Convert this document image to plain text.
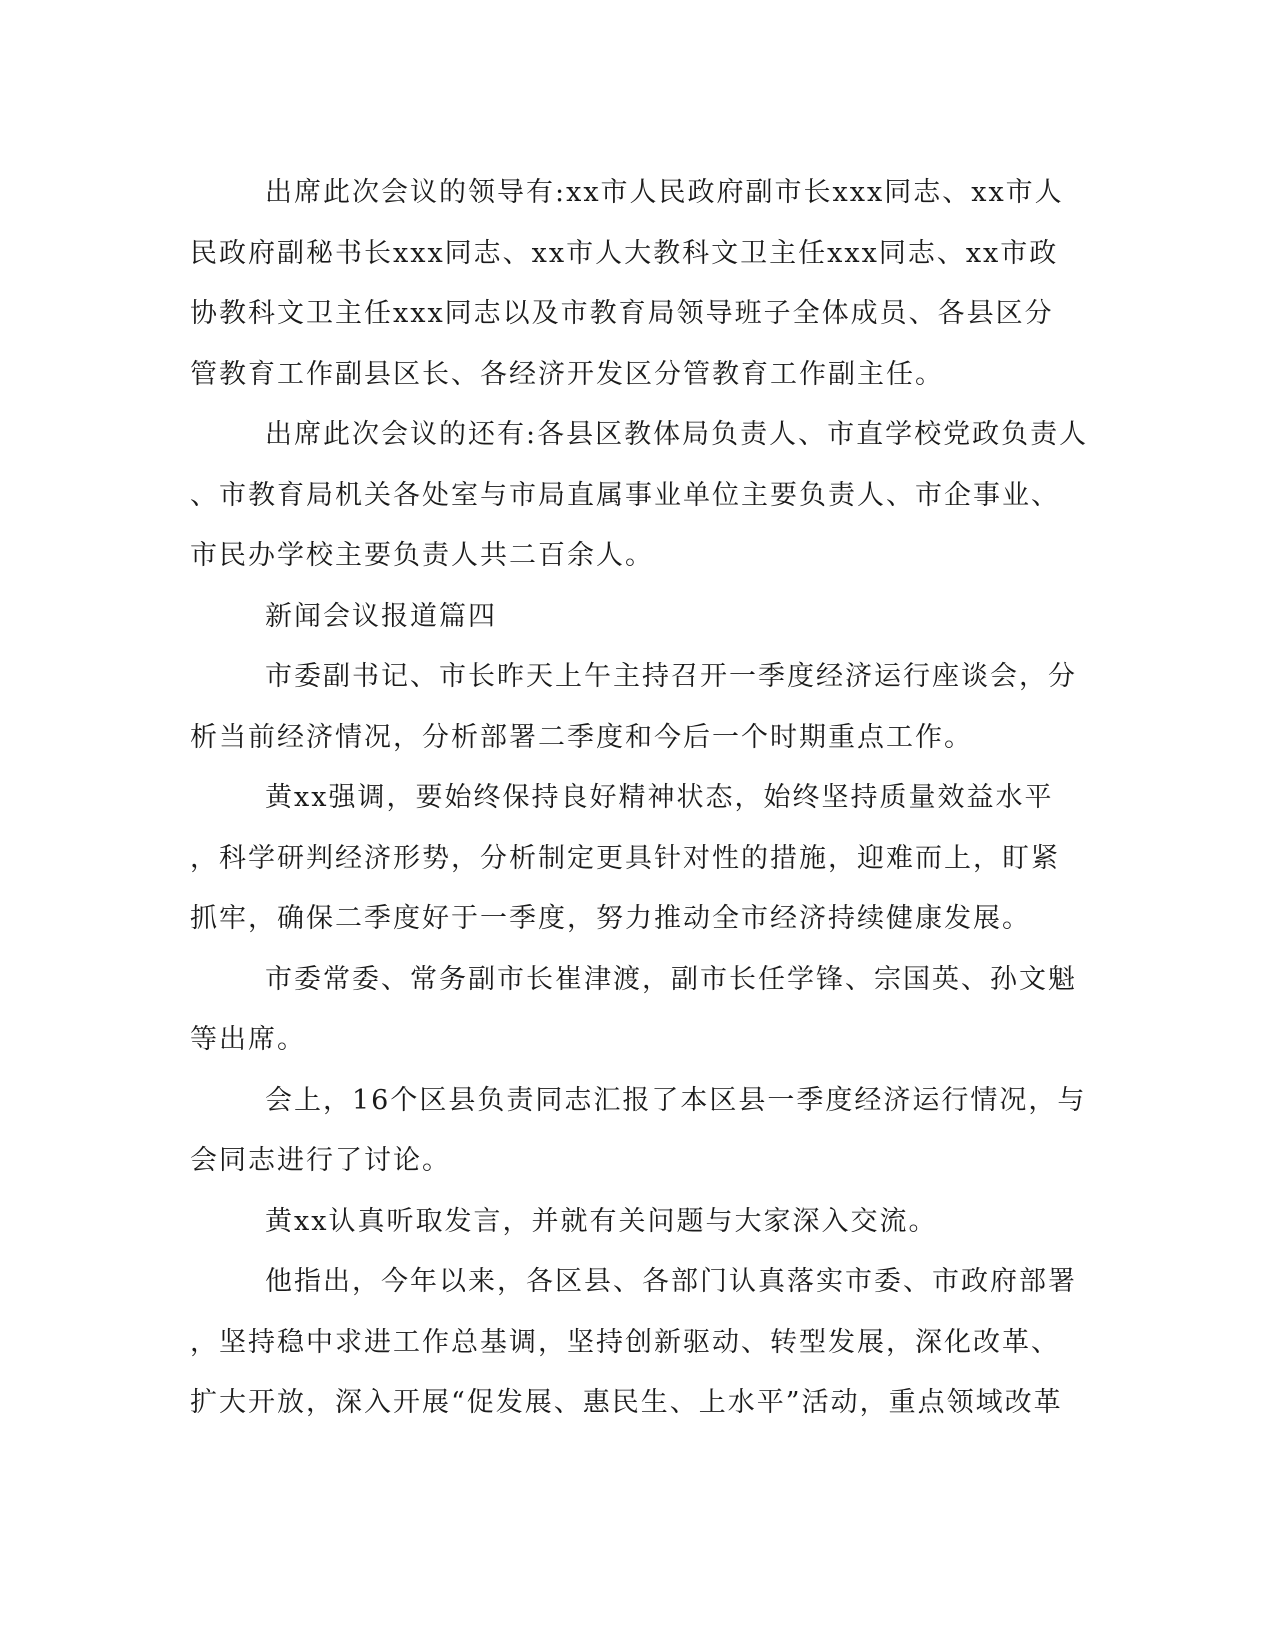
出席此次会议的领导有:xx市人民政府副市长xxx同志、xx市人
民政府副秘书长xxx同志、xx市人大教科文卫主任xxx同志、xx市政
协教科文卫主任xxx同志以及市教育局领导班子全体成员、各县区分
管教育工作副县区长、各经济开发区分管教育工作副主任。
出席此次会议的还有:各县区教体局负责人、市直学校党政负责人
、市教育局机关各处室与市局直属事业单位主要负责人、市企事业、
市民办学校主要负责人共二百余人。
新闻会议报道篇四
市委副书记、市长昨天上午主持召开一季度经济运行座谈会，分
析当前经济情况，分析部署二季度和今后一个时期重点工作。
黄xx强调，要始终保持良好精神状态，始终坚持质量效益水平
，科学研判经济形势，分析制定更具针对性的措施，迎难而上，盯紧
抓牢，确保二季度好于一季度，努力推动全市经济持续健康发展。
市委常委、常务副市长崔津渡，副市长任学锋、宗国英、孙文魁
等出席。
会上，16个区县负责同志汇报了本区县一季度经济运行情况，与
会同志进行了讨论。
黄xx认真听取发言，并就有关问题与大家深入交流。
他指出，今年以来，各区县、各部门认真落实市委、市政府部署
，坚持稳中求进工作总基调，坚持创新驱动、转型发展，深化改革、
扩大开放，深入开展“促发展、惠民生、上水平”活动，重点领域改革
